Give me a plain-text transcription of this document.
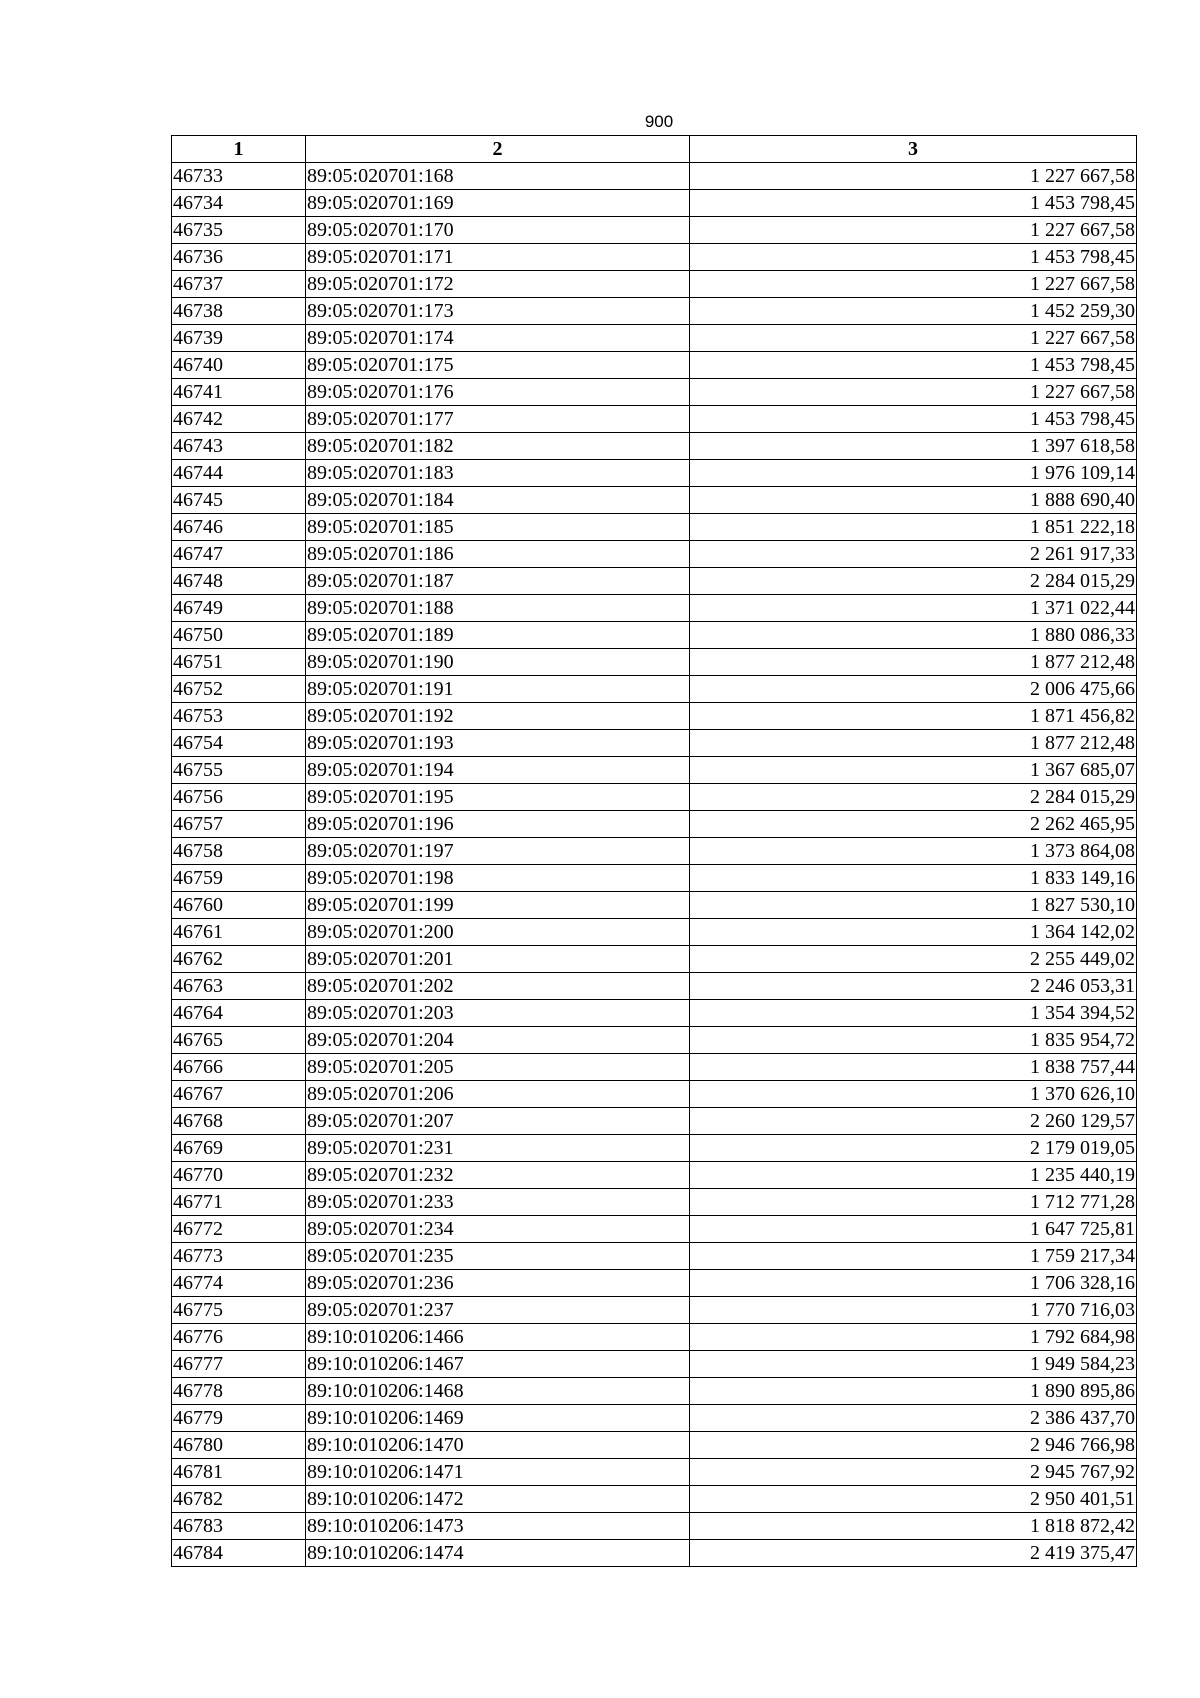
900
1	2	3
46733	89:05:020701:168	1 227 667,58
46734	89:05:020701:169	1 453 798,45
46735	89:05:020701:170	1 227 667,58
46736	89:05:020701:171	1 453 798,45
46737	89:05:020701:172	1 227 667,58
46738	89:05:020701:173	1 452 259,30
46739	89:05:020701:174	1 227 667,58
46740	89:05:020701:175	1 453 798,45
46741	89:05:020701:176	1 227 667,58
46742	89:05:020701:177	1 453 798,45
46743	89:05:020701:182	1 397 618,58
46744	89:05:020701:183	1 976 109,14
46745	89:05:020701:184	1 888 690,40
46746	89:05:020701:185	1 851 222,18
46747	89:05:020701:186	2 261 917,33
46748	89:05:020701:187	2 284 015,29
46749	89:05:020701:188	1 371 022,44
46750	89:05:020701:189	1 880 086,33
46751	89:05:020701:190	1 877 212,48
46752	89:05:020701:191	2 006 475,66
46753	89:05:020701:192	1 871 456,82
46754	89:05:020701:193	1 877 212,48
46755	89:05:020701:194	1 367 685,07
46756	89:05:020701:195	2 284 015,29
46757	89:05:020701:196	2 262 465,95
46758	89:05:020701:197	1 373 864,08
46759	89:05:020701:198	1 833 149,16
46760	89:05:020701:199	1 827 530,10
46761	89:05:020701:200	1 364 142,02
46762	89:05:020701:201	2 255 449,02
46763	89:05:020701:202	2 246 053,31
46764	89:05:020701:203	1 354 394,52
46765	89:05:020701:204	1 835 954,72
46766	89:05:020701:205	1 838 757,44
46767	89:05:020701:206	1 370 626,10
46768	89:05:020701:207	2 260 129,57
46769	89:05:020701:231	2 179 019,05
46770	89:05:020701:232	1 235 440,19
46771	89:05:020701:233	1 712 771,28
46772	89:05:020701:234	1 647 725,81
46773	89:05:020701:235	1 759 217,34
46774	89:05:020701:236	1 706 328,16
46775	89:05:020701:237	1 770 716,03
46776	89:10:010206:1466	1 792 684,98
46777	89:10:010206:1467	1 949 584,23
46778	89:10:010206:1468	1 890 895,86
46779	89:10:010206:1469	2 386 437,70
46780	89:10:010206:1470	2 946 766,98
46781	89:10:010206:1471	2 945 767,92
46782	89:10:010206:1472	2 950 401,51
46783	89:10:010206:1473	1 818 872,42
46784	89:10:010206:1474	2 419 375,47
